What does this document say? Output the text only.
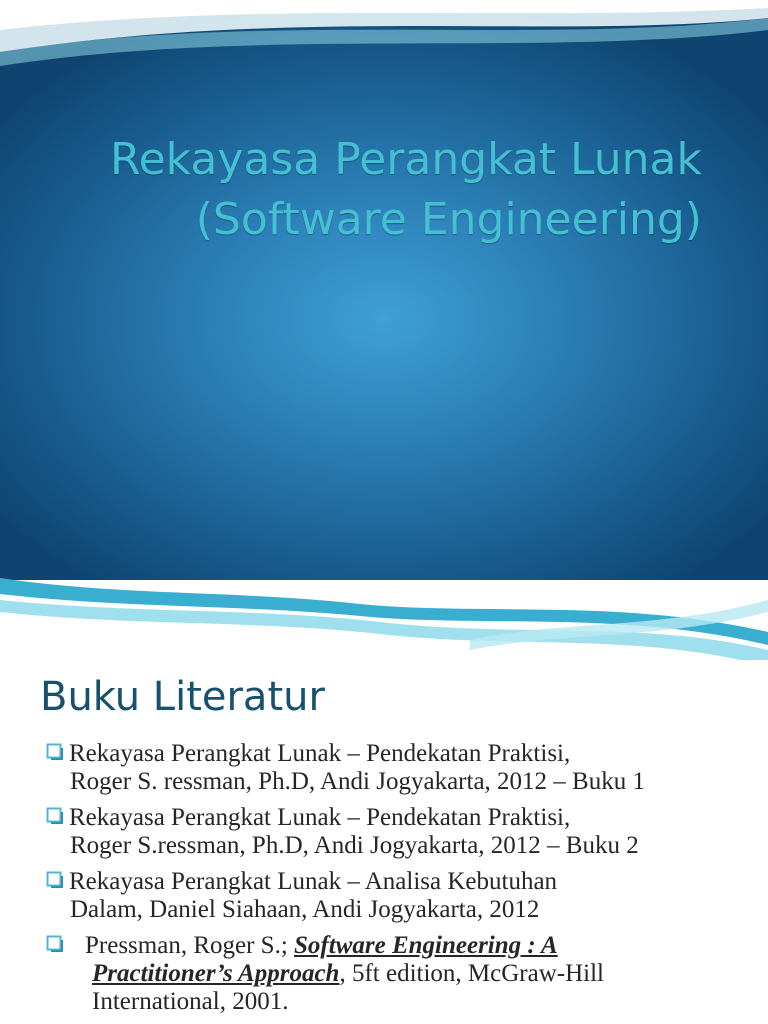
Rekayasa Perangkat Lunak
(Software Engineering)
Buku Literatur
Rekayasa Perangkat Lunak – Pendekatan Praktisi,
Roger S. ressman, Ph.D, Andi Jogyakarta, 2012 – Buku 1
Rekayasa Perangkat Lunak – Pendekatan Praktisi,
Roger S.ressman, Ph.D, Andi Jogyakarta, 2012 – Buku 2
Rekayasa Perangkat Lunak – Analisa Kebutuhan
Dalam, Daniel Siahaan, Andi Jogyakarta, 2012
Pressman, Roger S.; Software Engineering : A
Practitioner’s Approach, 5ft edition, McGraw-Hill
International, 2001.
